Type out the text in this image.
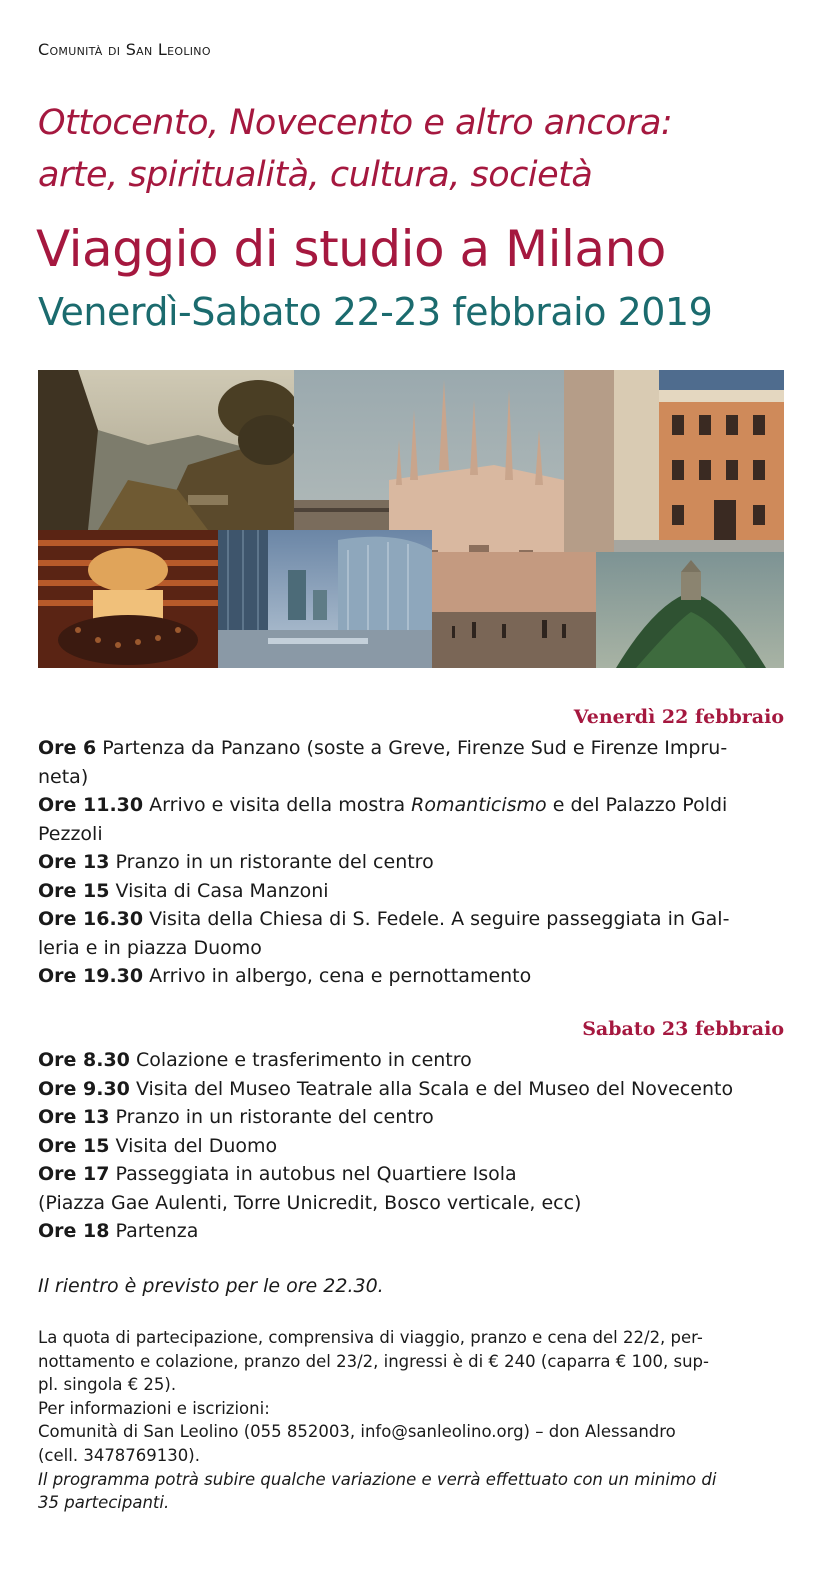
Comunità di San Leolino
Ottocento, Novecento e altro ancora:
arte, spiritualità, cultura, società
Viaggio di studio a Milano
Venerdì-Sabato 22-23 febbraio 2019
Venerdì 22 febbraio
Ore 6 Partenza da Panzano (soste a Greve, Firenze Sud e Firenze Impru-
neta)
Ore 11.30 Arrivo e visita della mostra Romanticismo e del Palazzo Poldi
Pezzoli
Ore 13 Pranzo in un ristorante del centro
Ore 15 Visita di Casa Manzoni
Ore 16.30 Visita della Chiesa di S. Fedele. A seguire passeggiata in Gal-
leria e in piazza Duomo
Ore 19.30 Arrivo in albergo, cena e pernottamento
Sabato 23 febbraio
Ore 8.30 Colazione e trasferimento in centro
Ore 9.30 Visita del Museo Teatrale alla Scala e del Museo del Novecento
Ore 13 Pranzo in un ristorante del centro
Ore 15 Visita del Duomo
Ore 17 Passeggiata in autobus nel Quartiere Isola
(Piazza Gae Aulenti, Torre Unicredit, Bosco verticale, ecc)
Ore 18 Partenza
Il rientro è previsto per le ore 22.30.

La quota di partecipazione, comprensiva di viaggio, pranzo e cena del 22/2, per-

nottamento e colazione, pranzo del 23/2, ingressi è di € 240 (caparra € 100, sup-

pl. singola € 25).

Per informazioni e iscrizioni:

Comunità di San Leolino (055 852003, info@sanleolino.org) – don Alessandro

(cell. 3478769130).

Il programma potrà subire qualche variazione e verrà effettuato con un minimo di

35 partecipanti.
